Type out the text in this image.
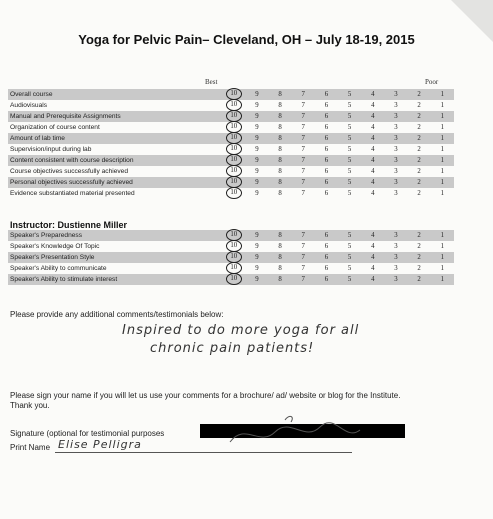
Yoga for Pelvic Pain– Cleveland, OH – July 18-19, 2015
Best	Poor
Overall course	10	9	8	7	6	5	4	3	2	1
Audiovisuals	10	9	8	7	6	5	4	3	2	1
Manual and Prerequisite Assignments	10	9	8	7	6	5	4	3	2	1
Organization of course content	10	9	8	7	6	5	4	3	2	1
Amount of lab time	10	9	8	7	6	5	4	3	2	1
Supervision/input during lab	10	9	8	7	6	5	4	3	2	1
Content consistent with course description	10	9	8	7	6	5	4	3	2	1
Course objectives successfully achieved	10	9	8	7	6	5	4	3	2	1
Personal objectives successfully achieved	10	9	8	7	6	5	4	3	2	1
Evidence substantiated material presented	10	9	8	7	6	5	4	3	2	1
Instructor: Dustienne Miller
Speaker's Preparedness	10	9	8	7	6	5	4	3	2	1
Speaker's Knowledge Of Topic	10	9	8	7	6	5	4	3	2	1
Speaker's Presentation Style	10	9	8	7	6	5	4	3	2	1
Speaker's Ability to communicate	10	9	8	7	6	5	4	3	2	1
Speaker's Ability to stimulate interest	10	9	8	7	6	5	4	3	2	1
Please provide any additional comments/testimonials below:
Inspired to do more yoga for all
chronic pain patients!
Please sign your name if you will let us use your comments for a brochure/ ad/ website or blog for the Institute.
Thank you.
Signature (optional for testimonial purposes
Print Name Elise Pelligra
